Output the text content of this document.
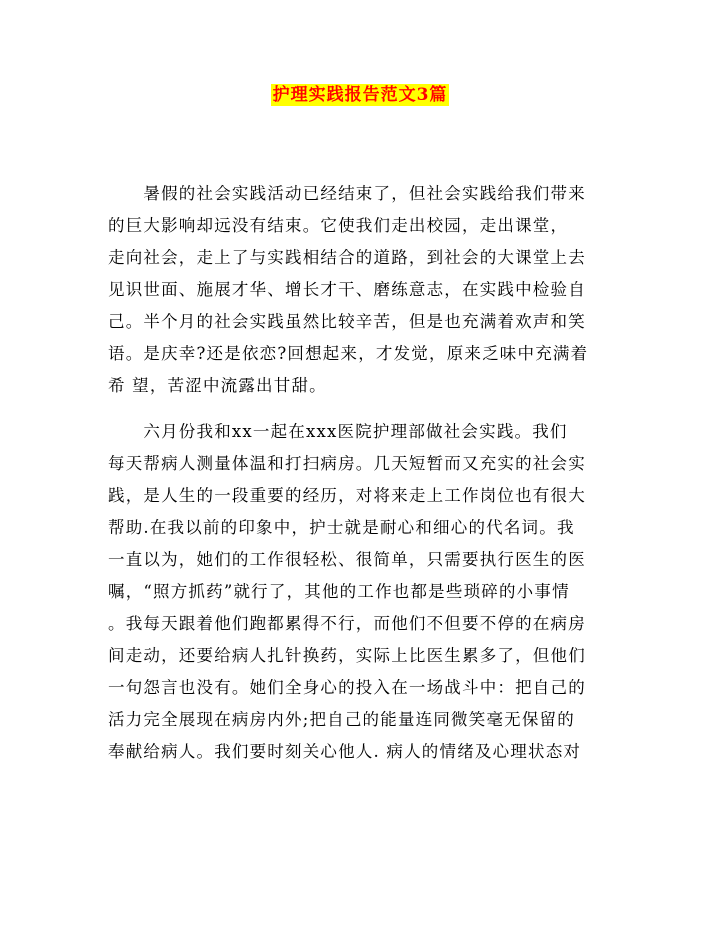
护理实践报告范文3篇
　　暑假的社会实践活动已经结束了，但社会实践给我们带来
的巨大影响却远没有结束。它使我们走出校园，走出课堂，
走向社会，走上了与实践相结合的道路，到社会的大课堂上去
见识世面、施展才华、增长才干、磨练意志，在实践中检验自
己。半个月的社会实践虽然比较辛苦，但是也充满着欢声和笑
语。是庆幸?还是依恋?回想起来，才发觉，原来乏味中充满着
希 望，苦涩中流露出甘甜。
　　六月份我和xx一起在xxx医院护理部做社会实践。我们
每天帮病人测量体温和打扫病房。几天短暂而又充实的社会实
践，是人生的一段重要的经历，对将来走上工作岗位也有很大
帮助.在我以前的印象中，护士就是耐心和细心的代名词。我
一直以为，她们的工作很轻松、很简单，只需要执行医生的医
嘱，“照方抓药”就行了，其他的工作也都是些琐碎的小事情
。我每天跟着他们跑都累得不行，而他们不但要不停的在病房
间走动，还要给病人扎针换药，实际上比医生累多了，但他们
一句怨言也没有。她们全身心的投入在一场战斗中：把自己的
活力完全展现在病房内外;把自己的能量连同微笑毫无保留的
奉献给病人。我们要时刻关心他人. 病人的情绪及心理状态对
